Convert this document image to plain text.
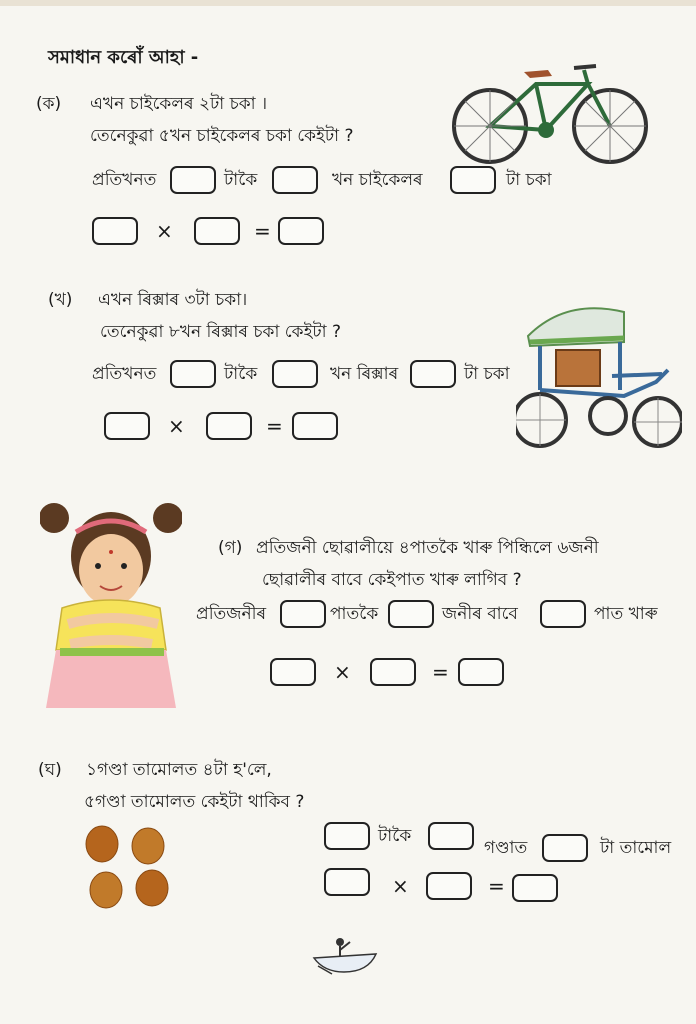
সমাধান কৰোঁ আহা -
(ক) এখন চাইকেলৰ ২টা চকা ।
তেনেকুৱা ৫খন চাইকেলৰ চকা কেইটা ?
প্ৰতিখনত	টাকৈ	খন চাইকেলৰ	টা চকা
×	=
(খ) এখন ৰিক্সাৰ ৩টা চকা।
তেনেকুৱা ৮খন ৰিক্সাৰ চকা কেইটা ?
প্ৰতিখনত	টাকৈ	খন ৰিক্সাৰ	টা চকা
×	=
(গ) প্ৰতিজনী ছোৱালীয়ে ৪পাতকৈ খাৰু পিন্ধিলে ৬জনী
ছোৱালীৰ বাবে কেইপাত খাৰু লাগিব ?
প্ৰতিজনীৰ	পাতকৈ	জনীৰ বাবে	পাত খাৰু
×	=
(ঘ) ১গণ্ডা তামোলত ৪টা হ'লে,
৫গণ্ডা তামোলত কেইটা থাকিব ?
টাকৈ
গণ্ডাত	টা তামোল
×	=
